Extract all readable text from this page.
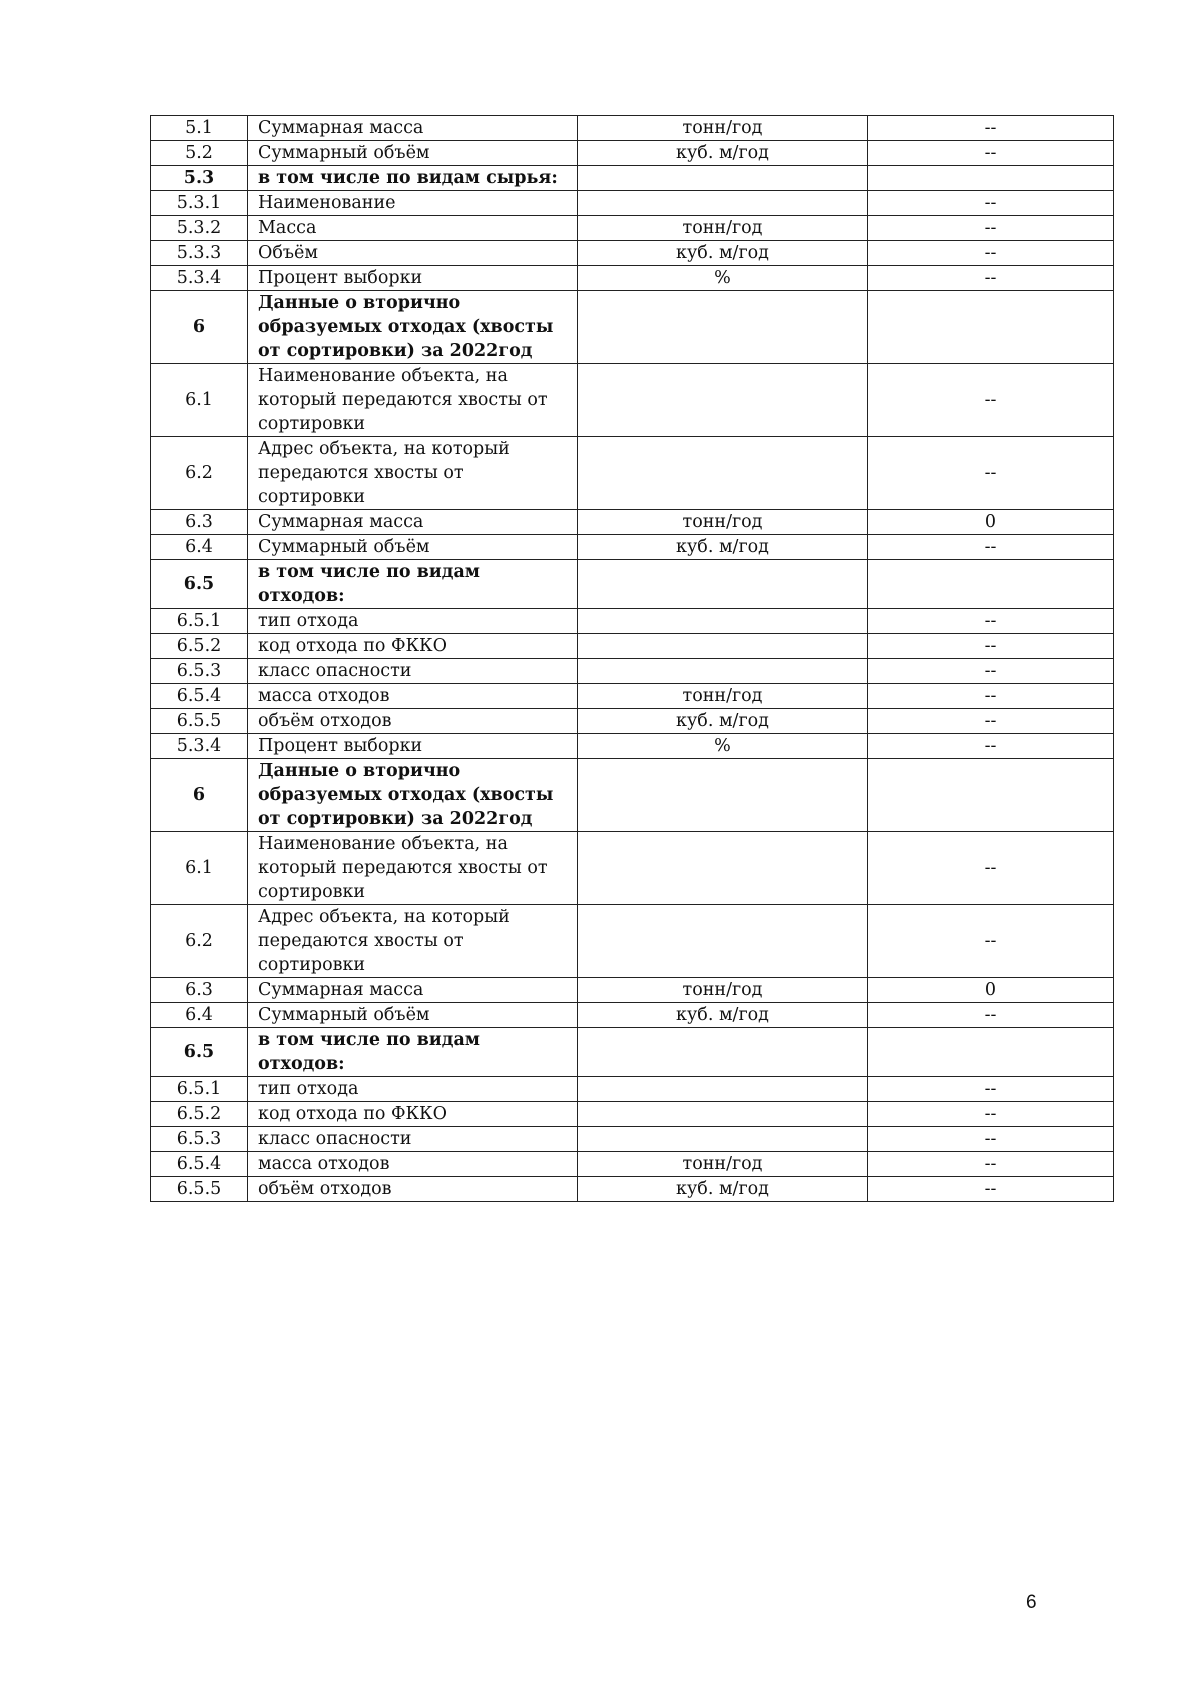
5.1	Суммарная масса	тонн/год	--
5.2	Суммарный объём	куб. м/год	--
5.3	в том числе по видам сырья:		
5.3.1	Наименование		--
5.3.2	Масса	тонн/год	--
5.3.3	Объём	куб. м/год	--
5.3.4	Процент выборки	%	--
6	Данные о вторично образуемых отходах (хвосты от сортировки) за 2022год		
6.1	Наименование объекта, на который передаются хвосты от сортировки		--
6.2	Адрес объекта, на который передаются хвосты от сортировки		--
6.3	Суммарная масса	тонн/год	0
6.4	Суммарный объём	куб. м/год	--
6.5	в том числе по видам отходов:		
6.5.1	тип отхода		--
6.5.2	код отхода по ФККО		--
6.5.3	класс опасности		--
6.5.4	масса отходов	тонн/год	--
6.5.5	объём отходов	куб. м/год	--
5.3.4	Процент выборки	%	--
6	Данные о вторично образуемых отходах (хвосты от сортировки) за 2022год		
6.1	Наименование объекта, на который передаются хвосты от сортировки		--
6.2	Адрес объекта, на который передаются хвосты от сортировки		--
6.3	Суммарная масса	тонн/год	0
6.4	Суммарный объём	куб. м/год	--
6.5	в том числе по видам отходов:		
6.5.1	тип отхода		--
6.5.2	код отхода по ФККО		--
6.5.3	класс опасности		--
6.5.4	масса отходов	тонн/год	--
6.5.5	объём отходов	куб. м/год	--
6
